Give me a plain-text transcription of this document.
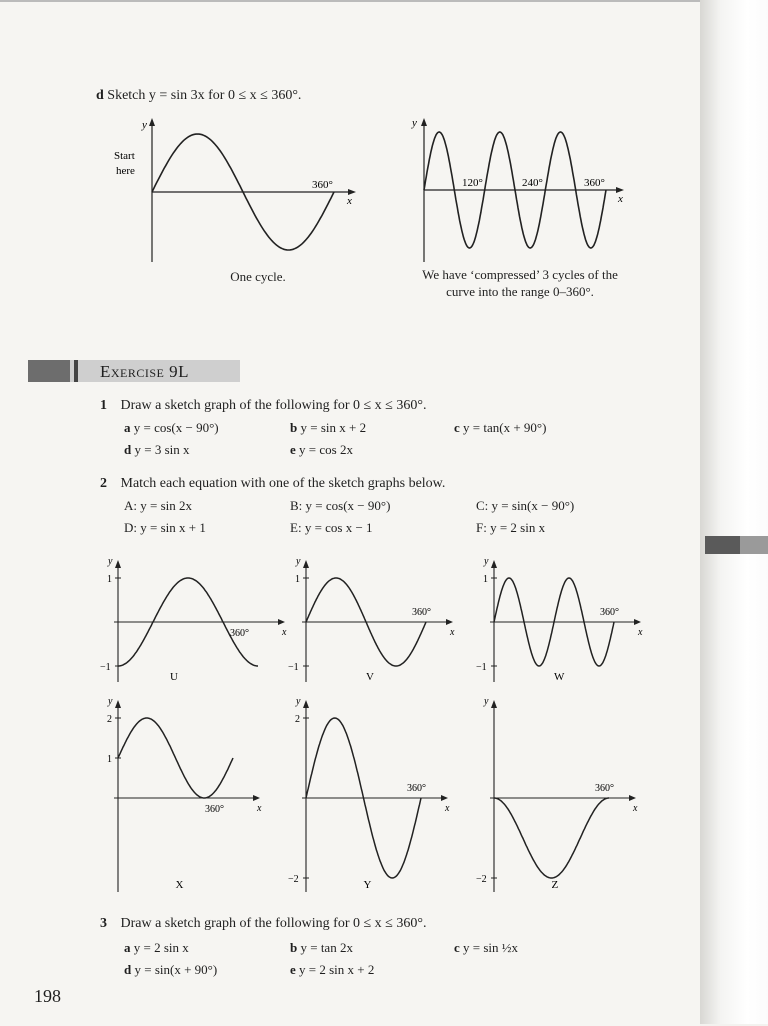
d Sketch y = sin 3x for 0 ≤ x ≤ 360°.
y
x
Start
here
360°
One cycle.
y
x
120°	240°	360°
We have ‘compressed’ 3 cycles of the curve into the range 0–360°.
Exercise 9L
1 Draw a sketch graph of the following for 0 ≤ x ≤ 360°.
a y = cos(x − 90°)	b y = sin x + 2	c y = tan(x + 90°)
d y = 3 sin x	e y = cos 2x
2 Match each equation with one of the sketch graphs below.
A: y = sin 2x	B: y = cos(x − 90°)	C: y = sin(x − 90°)
D: y = sin x + 1	E: y = cos x − 1	F: y = 2 sin x
y
x
1
−1
360°
U
y
x
1
−1
360°
V
y
x
1
−1
360°
W
y
x
2
1
360°
X
y
x
2
−2
360°
Y
y
x
−2
360°
Z
3 Draw a sketch graph of the following for 0 ≤ x ≤ 360°.
a y = 2 sin x	b y = tan 2x	c y = sin ½x
d y = sin(x + 90°)	e y = 2 sin x + 2
198
